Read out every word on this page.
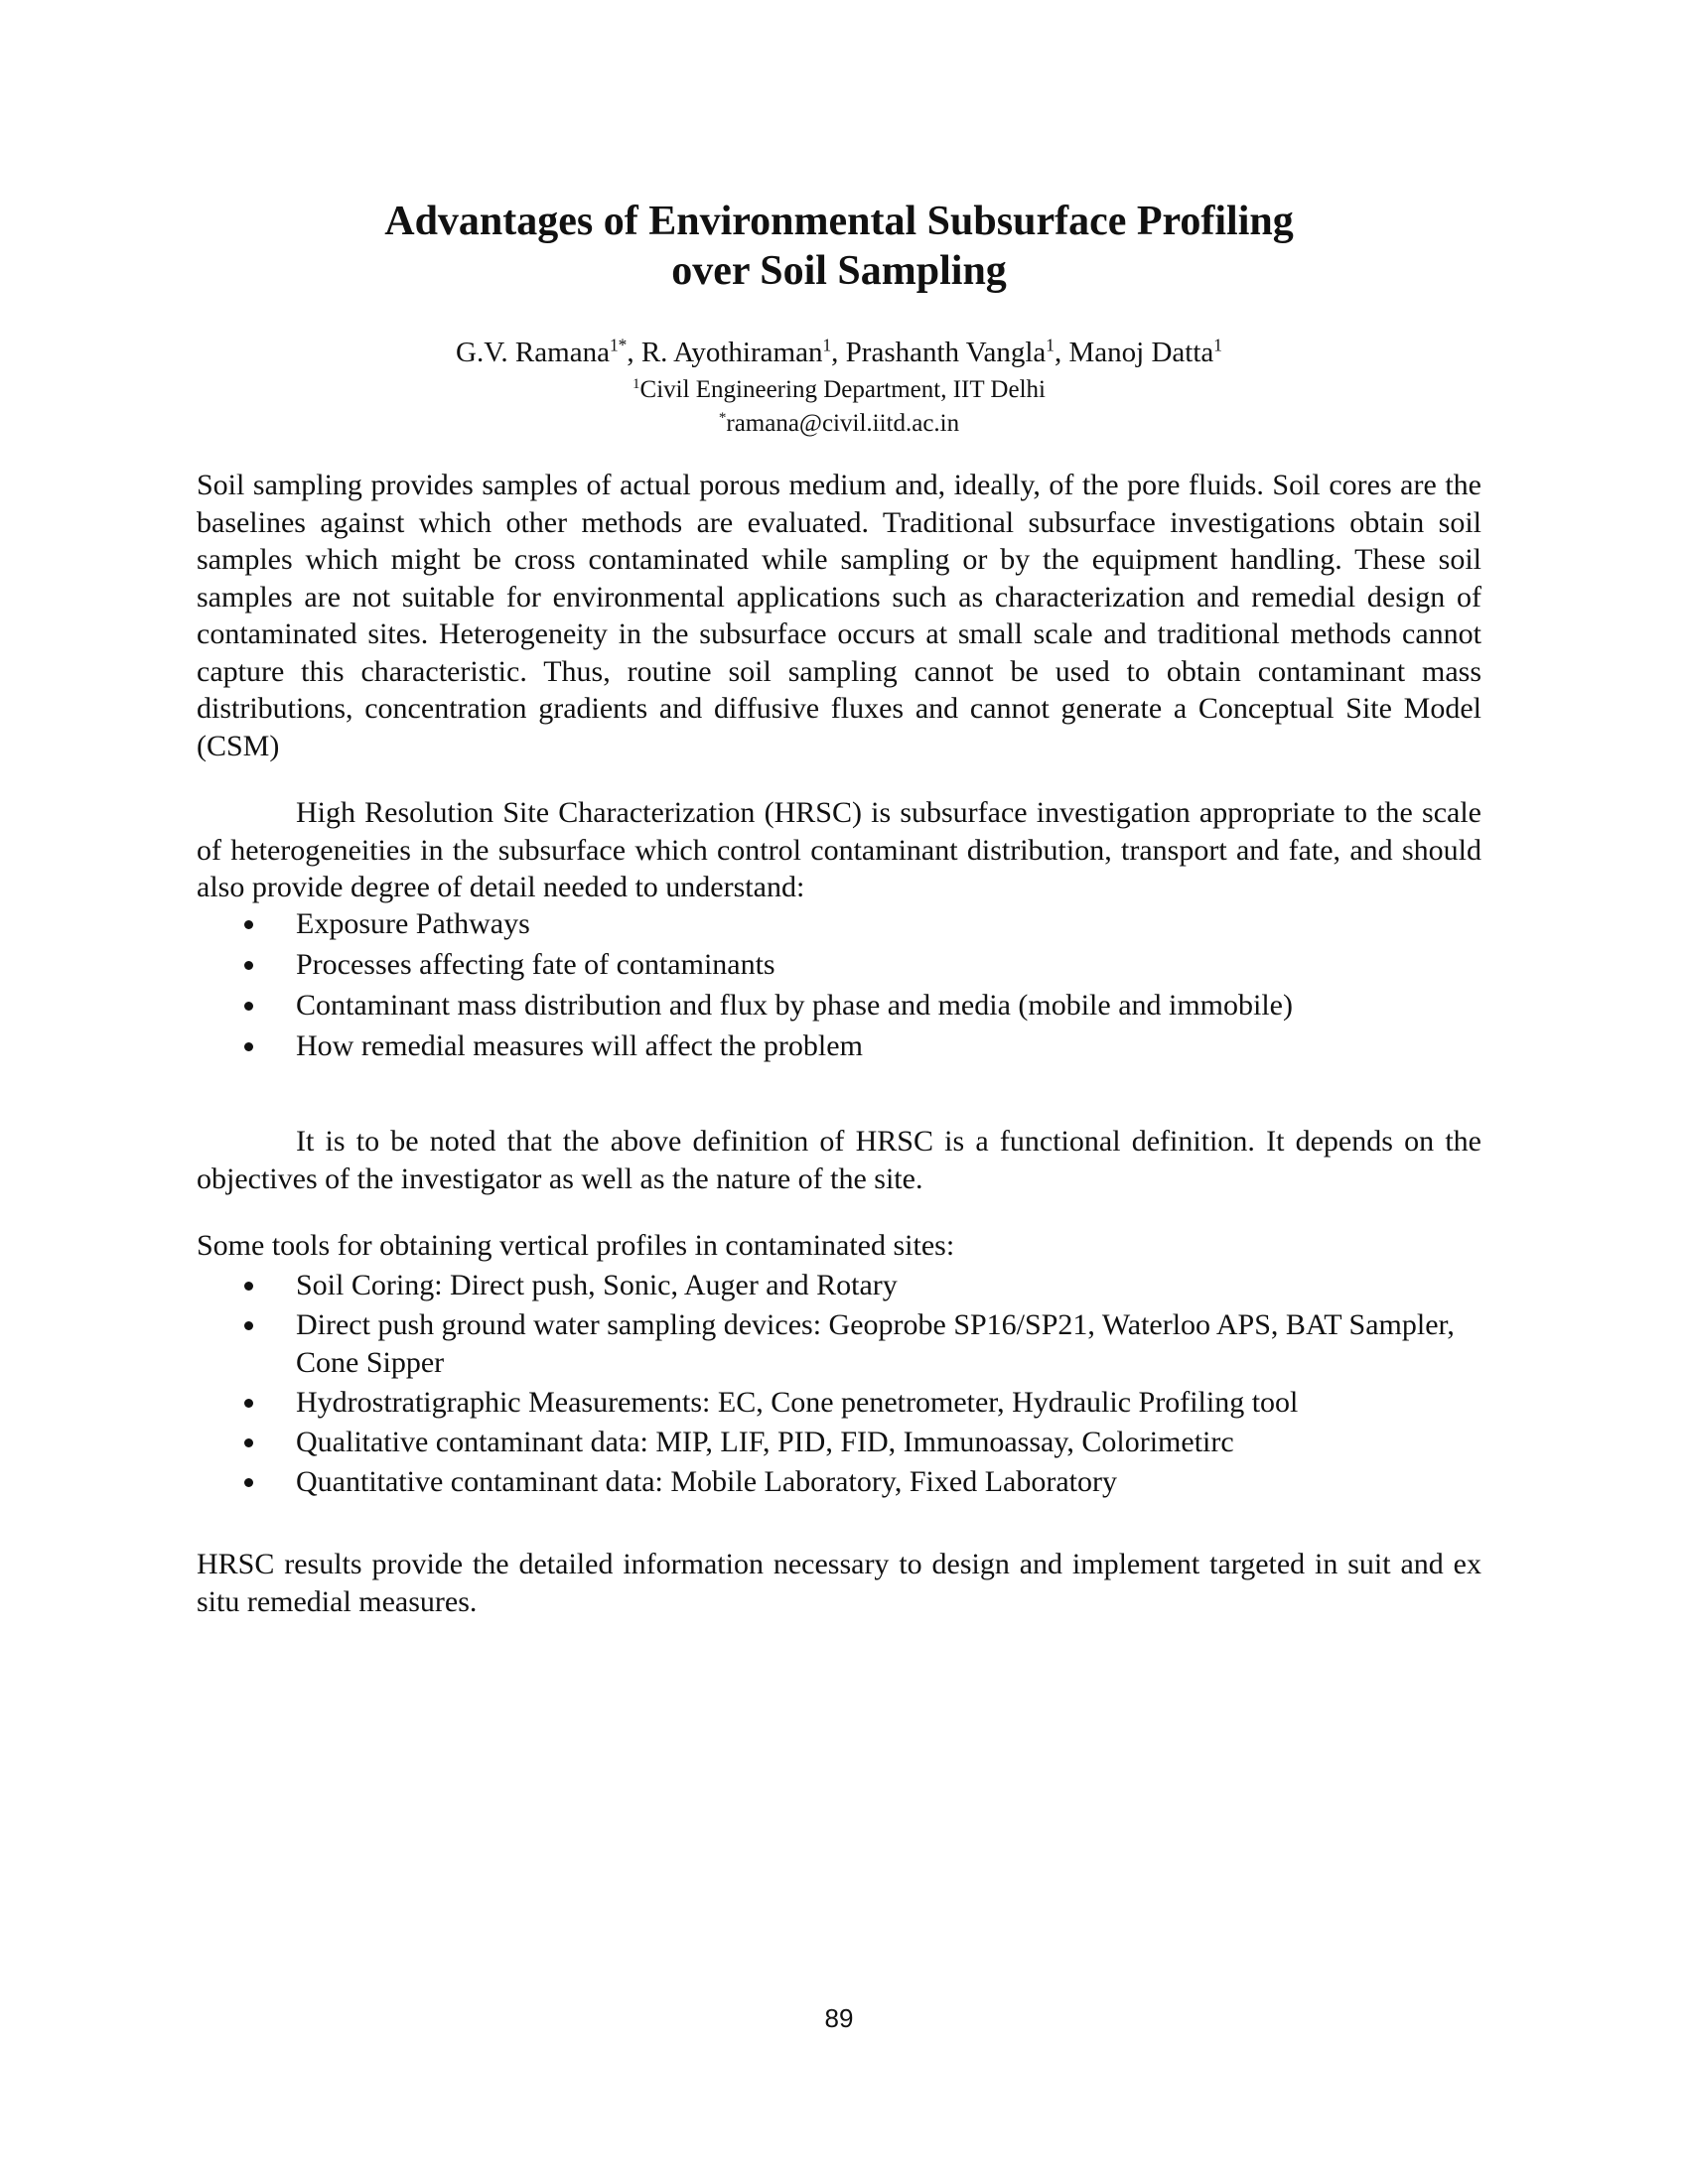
Advantages of Environmental Subsurface Profiling
over Soil Sampling
G.V. Ramana$^{1*}$, R. Ayothiraman$^1$, Prashanth Vangla$^1$, Manoj Datta$^1$
$^1$Civil Engineering Department, IIT Delhi
*ramana@civil.iitd.ac.in

Soil sampling provides samples of actual porous medium and, ideally, of the pore fluids. Soil cores are the baselines against which other methods are evaluated. Traditional subsurface investigations obtain soil samples which might be cross contaminated while sampling or by the equipment handling. These soil samples are not suitable for environmental applications such as characterization and remedial design of contaminated sites. Heterogeneity in the subsurface occurs at small scale and traditional methods cannot capture this characteristic. Thus, routine soil sampling cannot be used to obtain contaminant mass distributions, concentration gradients and diffusive fluxes and cannot generate a Conceptual Site Model (CSM)

High Resolution Site Characterization (HRSC) is subsurface investigation appropriate to the scale of heterogeneities in the subsurface which control contaminant distribution, transport and fate, and should also provide degree of detail needed to understand:

Exposure Pathways
Processes affecting fate of contaminants
Contaminant mass distribution and flux by phase and media (mobile and immobile)
How remedial measures will affect the problem

It is to be noted that the above definition of HRSC is a functional definition. It depends on the objectives of the investigator as well as the nature of the site.

Some tools for obtaining vertical profiles in contaminated sites:

Soil Coring: Direct push, Sonic, Auger and Rotary
Direct push ground water sampling devices: Geoprobe SP16/SP21, Waterloo APS, BAT Sampler, Cone Sipper
Hydrostratigraphic Measurements: EC, Cone penetrometer, Hydraulic Profiling tool
Qualitative contaminant data: MIP, LIF, PID, FID, Immunoassay, Colorimetirc
Quantitative contaminant data: Mobile Laboratory, Fixed Laboratory

HRSC results provide the detailed information necessary to design and implement targeted in suit and ex situ remedial measures.

89
